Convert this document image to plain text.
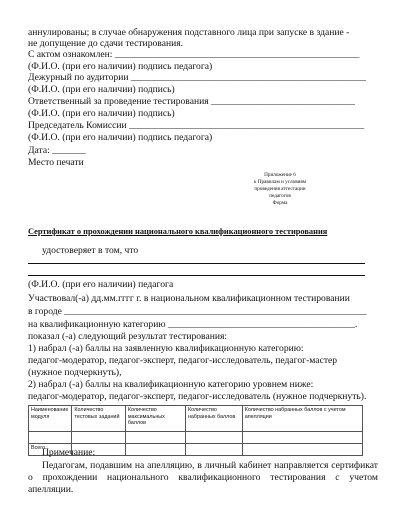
аннулированы; в случае обнаружения подставного лица при запуске в здание -
не допущение до сдачи тестирования.
С актом ознакомлен: ___________________________________________________
(Ф.И.О. (при его наличии) подпись педагога)
Дежурный по аудитории _________________________________________________
(Ф.И.О. (при его наличии) подпись)
Ответственный за проведение тестирования ______________________________
(Ф.И.О. (при его наличии) подпись)
Председатель Комиссии _________________________________________________
(Ф.И.О. (при его наличии) подпись педагога)
Дата: _______
Место печати
Приложение 6
к Правилам и условиям
проведения аттестации
педагогов
Форма
Сертификат о прохождении национального квалификационного тестирования
удостоверяет в том, что
(Ф.И.О. (при его наличии) педагога
Участвовал(-а) дд.мм.гггг г. в национальном квалификационном тестировании
в городе _______________________________________________________________
на квалификационную категорию _______________________________________.
показал (-а) следующий результат тестирования:
1) набрал (-а) баллы на заявленную квалификационную категорию:
педагог-модератор, педагог-эксперт, педагог-исследователь, педагог-мастер
(нужное подчеркнуть),
2) набрал (-а) баллы на квалификационную категорию уровнем ниже:
педагог-модератор, педагог-эксперт, педагог-исследователь (нужное подчеркнуть).
Наименование модуля	Количество тестовых заданий	Количество максимальных баллов	Количество набранных баллов	Количество набранных баллов с учетом апелляции

Всего				
Примечание:
Педагогам, подавшим на апелляцию, в личный кабинет направляется сертификат о прохождении национального квалификационного тестирования с учетом апелляции.
